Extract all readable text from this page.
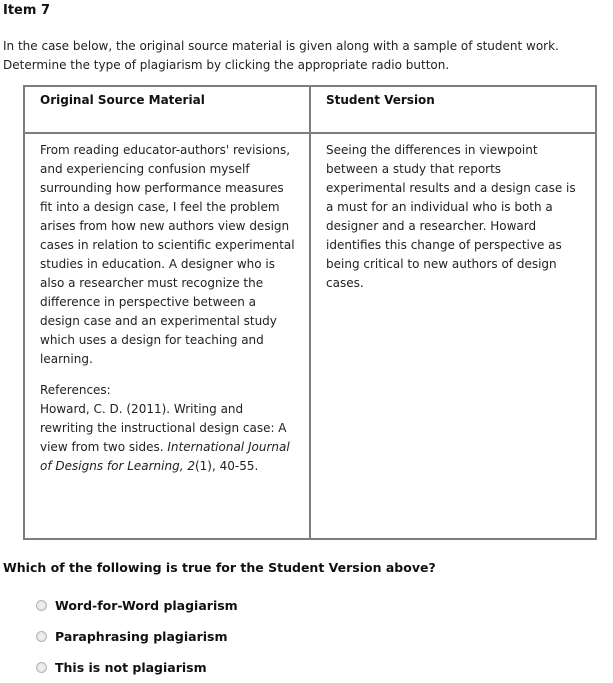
Item 7
In the case below, the original source material is given along with a sample of student work. Determine the type of plagiarism by clicking the appropriate radio button.
Original Source Material	Student Version
From reading educator-authors' revisions, and experiencing confusion myself surrounding how performance measures fit into a design case, I feel the problem arises from how new authors view design cases in relation to scientific experimental studies in education. A designer who is also a researcher must recognize the difference in perspective between a design case and an experimental study which uses a design for teaching and learning.
References:
Howard, C. D. (2011). Writing and rewriting the instructional design case: A view from two sides. International Journal of Designs for Learning, 2(1), 40-55.
Seeing the differences in viewpoint between a study that reports experimental results and a design case is a must for an individual who is both a designer and a researcher. Howard identifies this change of perspective as being critical to new authors of design cases.
Which of the following is true for the Student Version above?
Word-for-Word plagiarism
Paraphrasing plagiarism
This is not plagiarism
